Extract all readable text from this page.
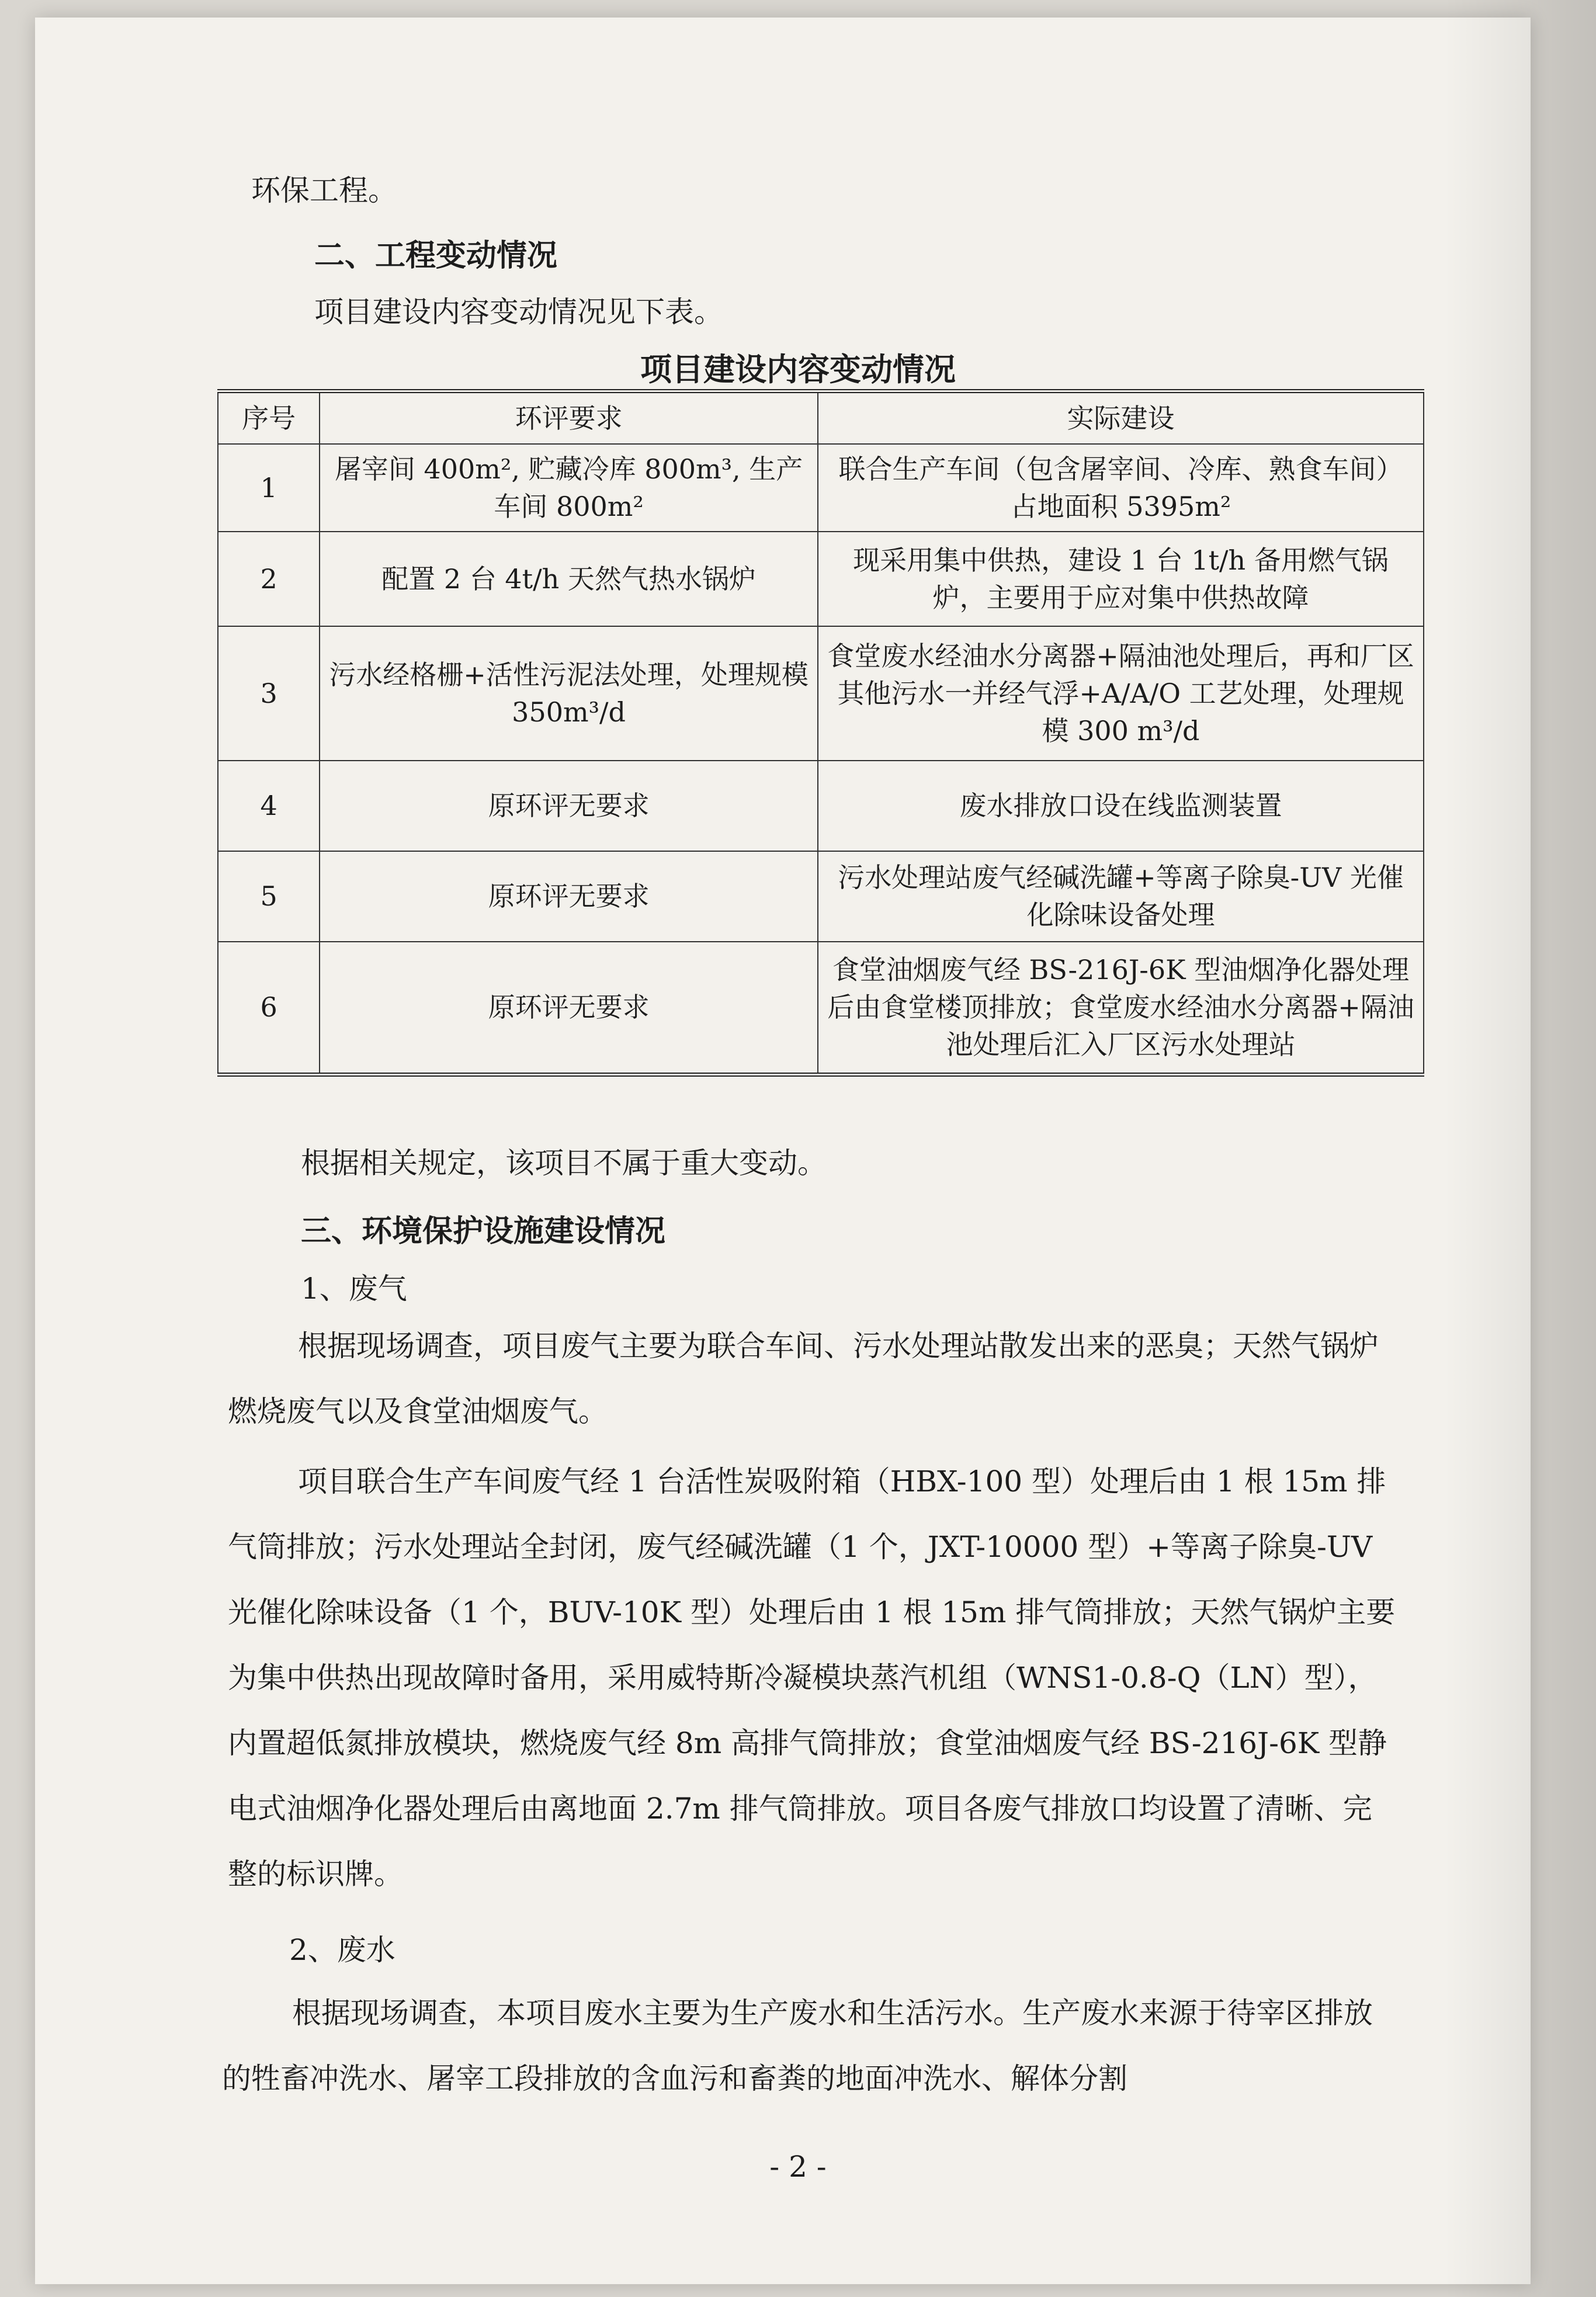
环保工程。
二、工程变动情况
项目建设内容变动情况见下表。
项目建设内容变动情况
序号	环评要求	实际建设
1	屠宰间 400m², 贮藏冷库 800m³, 生产车间 800m²	联合生产车间（包含屠宰间、冷库、熟食车间）占地面积 5395m²
2	配置 2 台 4t/h 天然气热水锅炉	现采用集中供热，建设 1 台 1t/h 备用燃气锅炉，主要用于应对集中供热故障
3	污水经格栅+活性污泥法处理，处理规模 350m³/d	食堂废水经油水分离器+隔油池处理后，再和厂区其他污水一并经气浮+A/A/O 工艺处理，处理规模 300 m³/d
4	原环评无要求	废水排放口设在线监测装置
5	原环评无要求	污水处理站废气经碱洗罐+等离子除臭-UV 光催化除味设备处理
6	原环评无要求	食堂油烟废气经 BS-216J-6K 型油烟净化器处理后由食堂楼顶排放；食堂废水经油水分离器+隔油池处理后汇入厂区污水处理站
根据相关规定，该项目不属于重大变动。
三、环境保护设施建设情况
1、废气
根据现场调查，项目废气主要为联合车间、污水处理站散发出来的恶臭；天然气锅炉燃烧废气以及食堂油烟废气。
项目联合生产车间废气经 1 台活性炭吸附箱（HBX-100 型）处理后由 1 根 15m 排气筒排放；污水处理站全封闭，废气经碱洗罐（1 个，JXT-10000 型）+等离子除臭-UV 光催化除味设备（1 个，BUV-10K 型）处理后由 1 根 15m 排气筒排放；天然气锅炉主要为集中供热出现故障时备用，采用威特斯冷凝模块蒸汽机组（WNS1-0.8-Q（LN）型），内置超低氮排放模块，燃烧废气经 8m 高排气筒排放；食堂油烟废气经 BS-216J-6K 型静电式油烟净化器处理后由离地面 2.7m 排气筒排放。项目各废气排放口均设置了清晰、完整的标识牌。
2、废水
根据现场调查，本项目废水主要为生产废水和生活污水。生产废水来源于待宰区排放的牲畜冲洗水、屠宰工段排放的含血污和畜粪的地面冲洗水、解体分割
- 2 -
